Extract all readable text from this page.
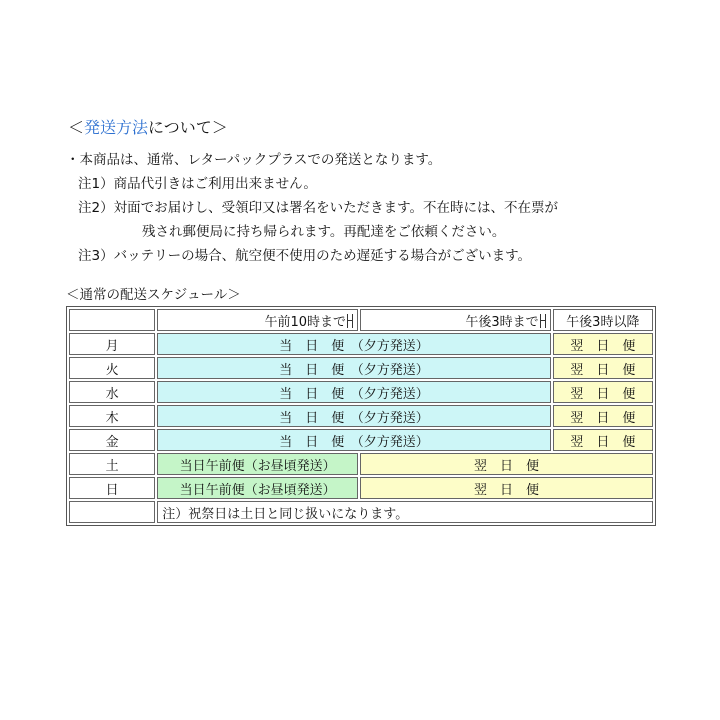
＜発送方法について＞
・本商品は、通常、レターパックプラスでの発送となります。
注1）商品代引きはご利用出来ません。
注2）対面でお届けし、受領印又は署名をいただきます。不在時には、不在票が
残され郵便局に持ち帰られます。再配達をご依頼ください。
注3）バッテリーの場合、航空便不使用のため遅延する場合がございます。
＜通常の配送スケジュール＞
	午前10時まで	午後3時まで	午後3時以降
月	当　日　便　（夕方発送）		翌　日　便
火	当　日　便　（夕方発送）		翌　日　便
水	当　日　便　（夕方発送）		翌　日　便
木	当　日　便　（夕方発送）		翌　日　便
金	当　日　便　（夕方発送）		翌　日　便
土	当日午前便（お昼頃発送）	翌　日　便	
日	当日午前便（お昼頃発送）	翌　日　便	
	注）祝祭日は土日と同じ扱いになります。		
